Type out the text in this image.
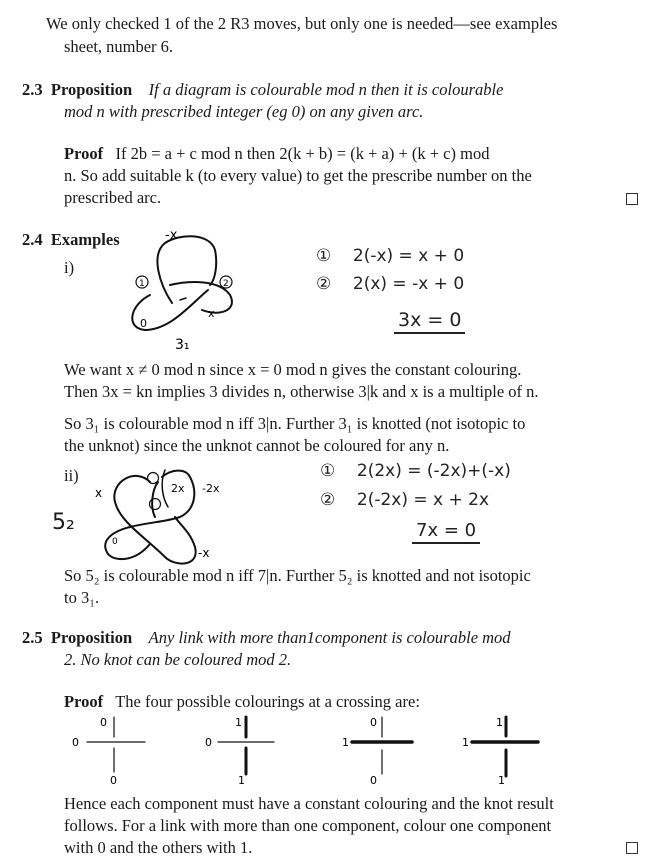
We only checked 1 of the 2 R3 moves, but only one is needed—see examples
sheet, number 6.
2.3 Proposition If a diagram is colourable mod n then it is colourable
mod n with prescribed integer (eg 0) on any given arc.
Proof If 2b = a + c mod n then 2(k + b) = (k + a) + (k + c) mod
n. So add suitable k (to every value) to get the prescribe number on the
prescribed arc.
2.4 Examples
i)
-x
1	2
0
x
3₁
① 2(-x) = x + 0
② 2(x) = -x + 0
3x = 0
We want x ≠ 0 mod n since x = 0 mod n gives the constant colouring.
Then 3x = kn implies 3 divides n, otherwise 3|k and x is a multiple of n.
So 3₁ is colourable mod n iff 3|n. Further 3₁ is knotted (not isotopic to
the unknot) since the unknot cannot be coloured for any n.
ii)
5₂
x	2x -2x
0
-x
① 2(2x) = (-2x)+(-x)
② 2(-2x) = x + 2x
7x = 0
So 5₂ is colourable mod n iff 7|n. Further 5₂ is knotted and not isotopic
to 3₁.
2.5 Proposition Any link with more than1component is colourable mod
2. No knot can be coloured mod 2.
Proof The four possible colourings at a crossing are:
0
0
0
1
0
1
0
1
0
1
1
1
Hence each component must have a constant colouring and the knot result
follows. For a link with more than one component, colour one component
with 0 and the others with 1.
